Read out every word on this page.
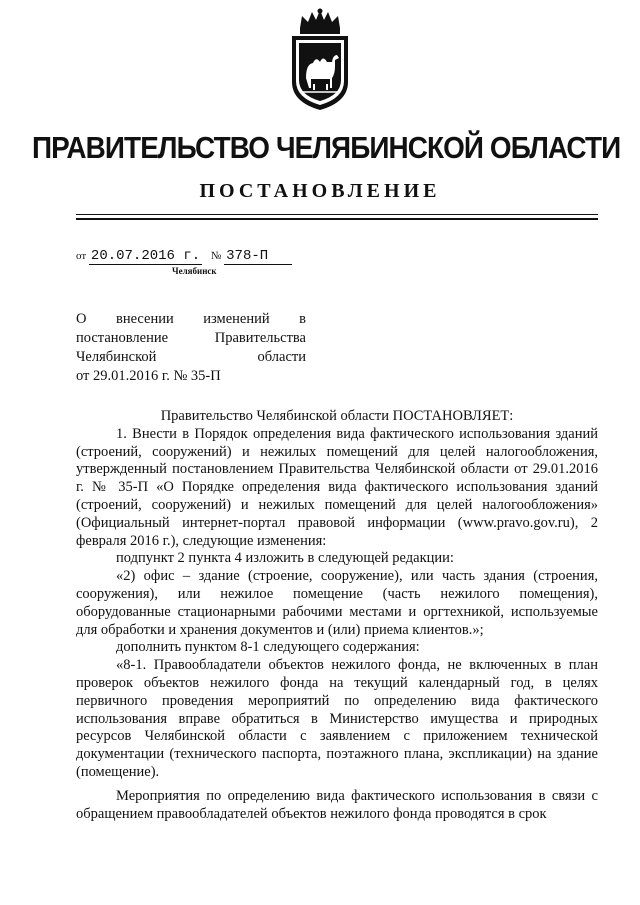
ПРАВИТЕЛЬСТВО ЧЕЛЯБИНСКОЙ ОБЛАСТИ
ПОСТАНОВЛЕНИЕ
от 20.07.2016 г. № 378-П
Челябинск
О внесении изменений в
постановление	Правительства
Челябинской	области
от 29.01.2016 г. № 35-П

Правительство Челябинской области ПОСТАНОВЛЯЕТ:

1. Внести в Порядок определения вида фактического использования зданий (строений, сооружений) и нежилых помещений для целей налогообложения, утвержденный постановлением Правительства Челябинской области от 29.01.2016 г. № 35-П «О Порядке определения вида фактического использования зданий (строений, сооружений) и нежилых помещений для целей налогообложения» (Официальный интернет-портал правовой информации (www.pravo.gov.ru), 2 февраля 2016 г.), следующие изменения:

подпункт 2 пункта 4 изложить в следующей редакции:

«2) офис – здание (строение, сооружение), или часть здания (строения, сооружения), или нежилое помещение (часть нежилого помещения), оборудованные стационарными рабочими местами и оргтехникой, используемые для обработки и хранения документов и (или) приема клиентов.»;

дополнить пунктом 8-1 следующего содержания:

«8-1. Правообладатели объектов нежилого фонда, не включенных в план проверок объектов нежилого фонда на текущий календарный год, в целях первичного проведения мероприятий по определению вида фактического использования вправе обратиться в Министерство имущества и природных ресурсов Челябинской области с заявлением с приложением технической документации (технического паспорта, поэтажного плана, экспликации) на здание (помещение).

Мероприятия по определению вида фактического использования в связи с обращением правообладателей объектов нежилого фонда проводятся в срок
